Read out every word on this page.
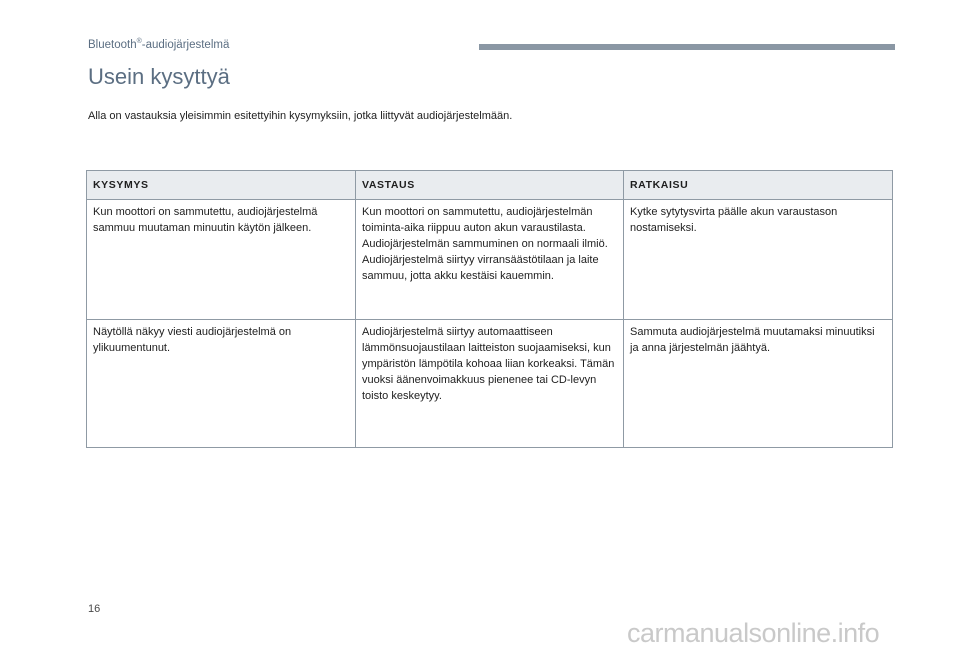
Bluetooth®-audiojärjestelmä
Usein kysyttyä
Alla on vastauksia yleisimmin esitettyihin kysymyksiin, jotka liittyvät audiojärjestelmään.
KYSYMYS	VASTAUS	RATKAISU
Kun moottori on sammutettu, audiojärjestelmä sammuu muutaman minuutin käytön jälkeen.	Kun moottori on sammutettu, audiojärjestelmän toiminta-aika riippuu auton akun varaustilasta. Audiojärjestelmän sammuminen on normaali ilmiö. Audiojärjestelmä siirtyy virransäästötilaan ja laite sammuu, jotta akku kestäisi kauemmin.	Kytke sytytysvirta päälle akun varaustason nostamiseksi.
Näytöllä näkyy viesti audiojärjestelmä on ylikuumentunut.	Audiojärjestelmä siirtyy automaattiseen lämmönsuojaustilaan laitteiston suojaamiseksi, kun ympäristön lämpötila kohoaa liian korkeaksi. Tämän vuoksi äänenvoimakkuus pienenee tai CD-levyn toisto keskeytyy.	Sammuta audiojärjestelmä muutamaksi minuutiksi ja anna järjestelmän jäähtyä.
16
carmanualsonline.info
